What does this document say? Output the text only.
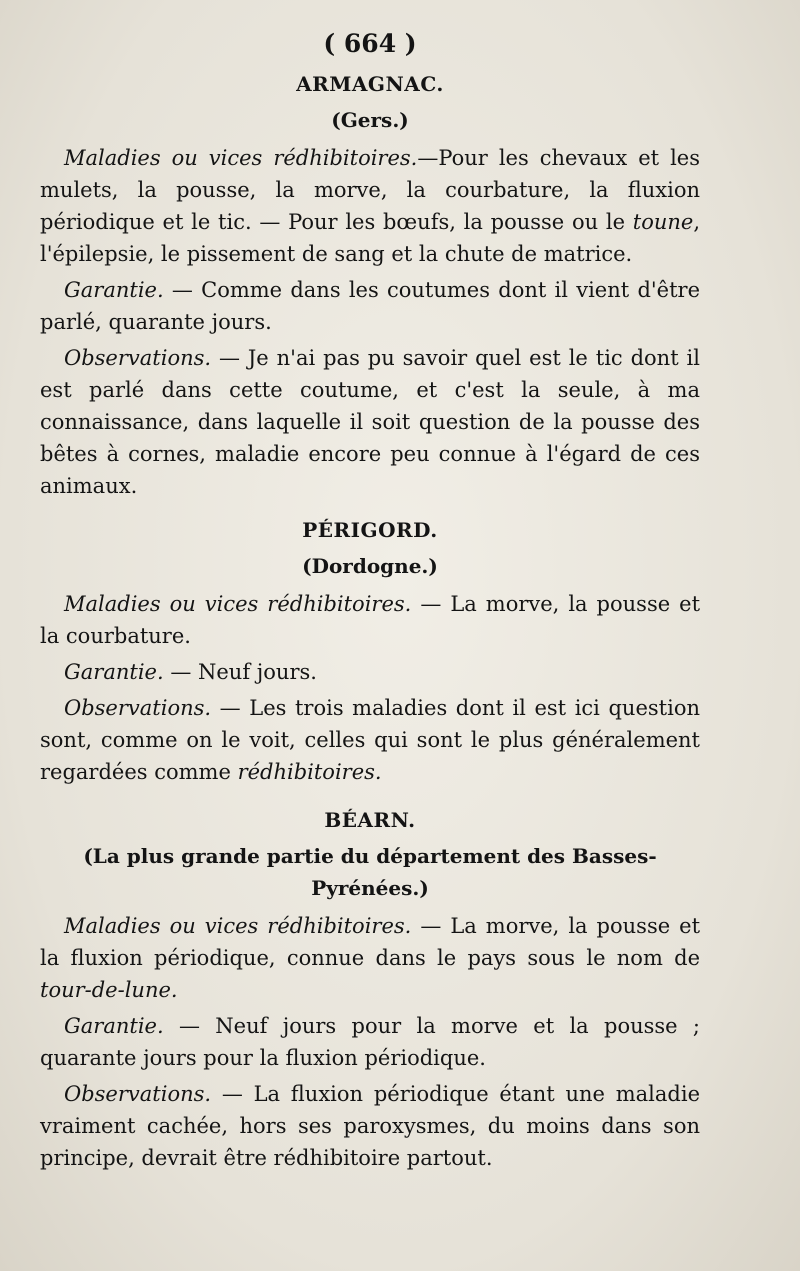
( 664 )
ARMAGNAC.
(Gers.)

Maladies ou vices rédhibitoires.—Pour les chevaux et les mulets, la pousse, la morve, la courbature, la fluxion périodique et le tic. — Pour les bœufs, la pousse ou le toune, l'épilepsie, le pissement de sang et la chute de matrice.

Garantie. — Comme dans les coutumes dont il vient d'être parlé, quarante jours.

Observations. — Je n'ai pas pu savoir quel est le tic dont il est parlé dans cette coutume, et c'est la seule, à ma connaissance, dans laquelle il soit question de la pousse des bêtes à cornes, maladie encore peu connue à l'égard de ces animaux.

PÉRIGORD.
(Dordogne.)

Maladies ou vices rédhibitoires. — La morve, la pousse et la courbature.

Garantie. — Neuf jours.

Observations. — Les trois maladies dont il est ici question sont, comme on le voit, celles qui sont le plus généralement regardées comme rédhibitoires.

BÉARN.
(La plus grande partie du département des Basses-Pyrénées.)

Maladies ou vices rédhibitoires. — La morve, la pousse et la fluxion périodique, connue dans le pays sous le nom de tour-de-lune.

Garantie. — Neuf jours pour la morve et la pousse ; quarante jours pour la fluxion périodique.

Observations. — La fluxion périodique étant une maladie vraiment cachée, hors ses paroxysmes, du moins dans son principe, devrait être rédhibitoire partout.
